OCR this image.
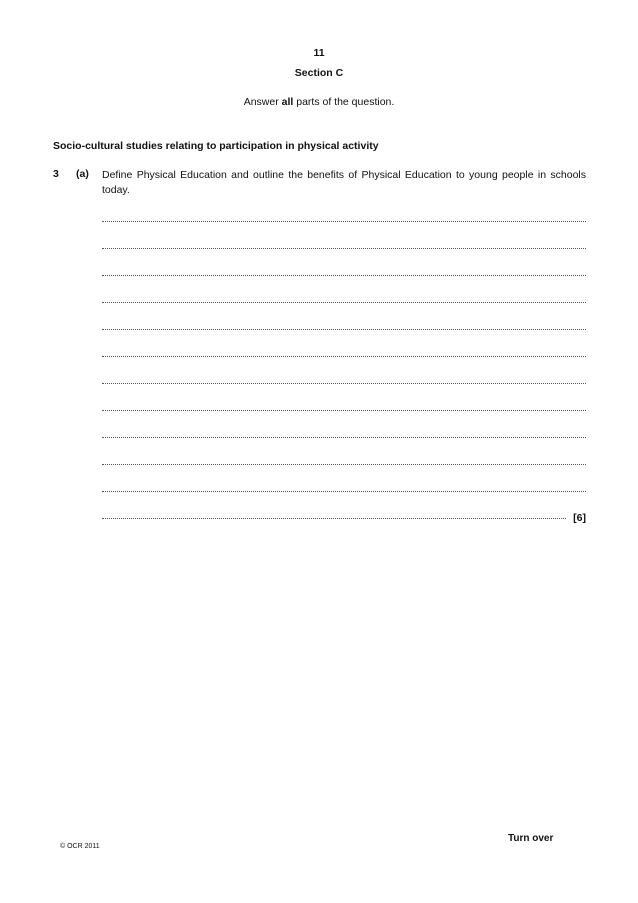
11
Section C
Answer all parts of the question.
Socio-cultural studies relating to participation in physical activity
3 (a) Define Physical Education and outline the benefits of Physical Education to young people in schools today.
[6]
© OCR 2011
Turn over
